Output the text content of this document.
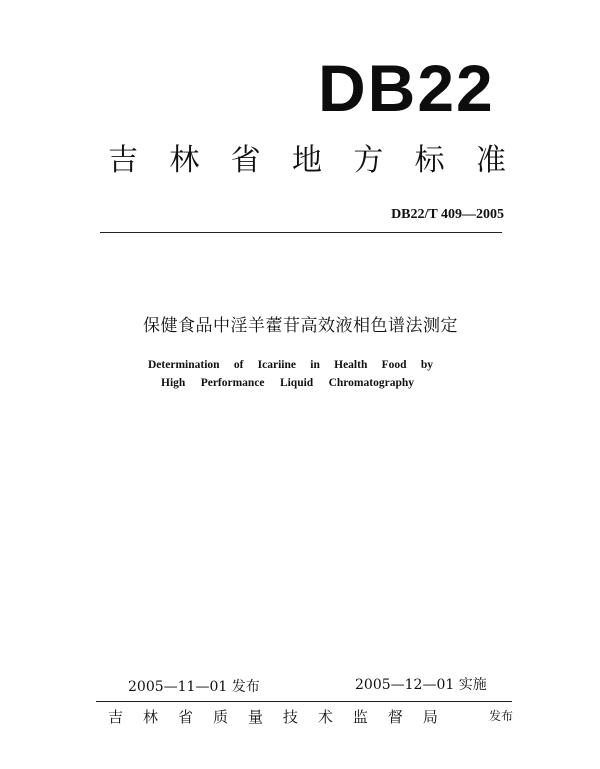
DB22
吉 林 省 地 方 标 准
DB22/T 409—2005
保健食品中淫羊藿苷高效液相色谱法测定
Determination of Icariine in Health Food by
High Performance Liquid Chromatography
2005—11—01 发布	2005—12—01 实施
吉 林 省 质 量 技 术 监 督 局	发布
